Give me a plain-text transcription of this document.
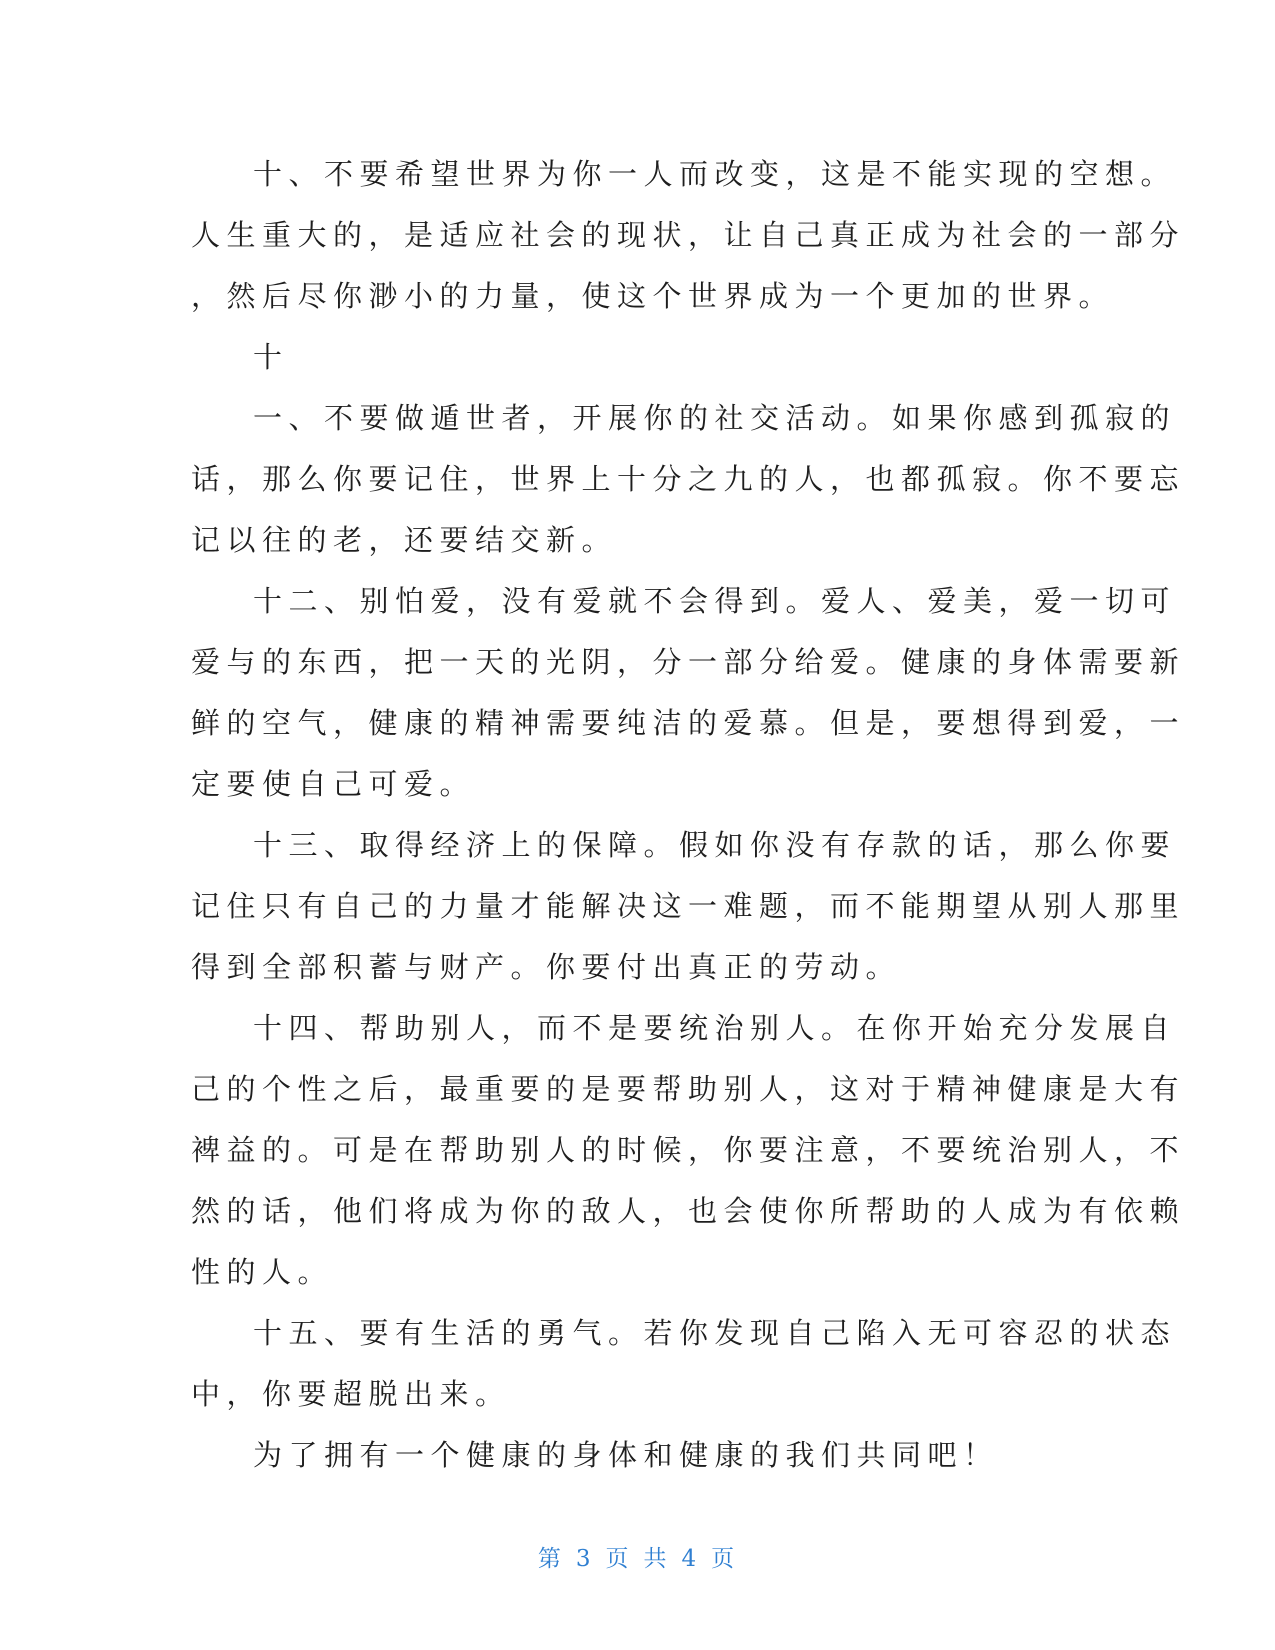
十、不要希望世界为你一人而改变，这是不能实现的空想。
人生重大的，是适应社会的现状，让自己真正成为社会的一部分
，然后尽你渺小的力量，使这个世界成为一个更加的世界。
十
一、不要做遁世者，开展你的社交活动。如果你感到孤寂的
话，那么你要记住，世界上十分之九的人，也都孤寂。你不要忘
记以往的老，还要结交新。
十二、别怕爱，没有爱就不会得到。爱人、爱美，爱一切可
爱与的东西，把一天的光阴，分一部分给爱。健康的身体需要新
鲜的空气，健康的精神需要纯洁的爱慕。但是，要想得到爱，一
定要使自己可爱。
十三、取得经济上的保障。假如你没有存款的话，那么你要
记住只有自己的力量才能解决这一难题，而不能期望从别人那里
得到全部积蓄与财产。你要付出真正的劳动。
十四、帮助别人，而不是要统治别人。在你开始充分发展自
己的个性之后，最重要的是要帮助别人，这对于精神健康是大有
裨益的。可是在帮助别人的时候，你要注意，不要统治别人，不
然的话，他们将成为你的敌人，也会使你所帮助的人成为有依赖
性的人。
十五、要有生活的勇气。若你发现自己陷入无可容忍的状态
中，你要超脱出来。
为了拥有一个健康的身体和健康的我们共同吧！
第 3 页 共 4 页
